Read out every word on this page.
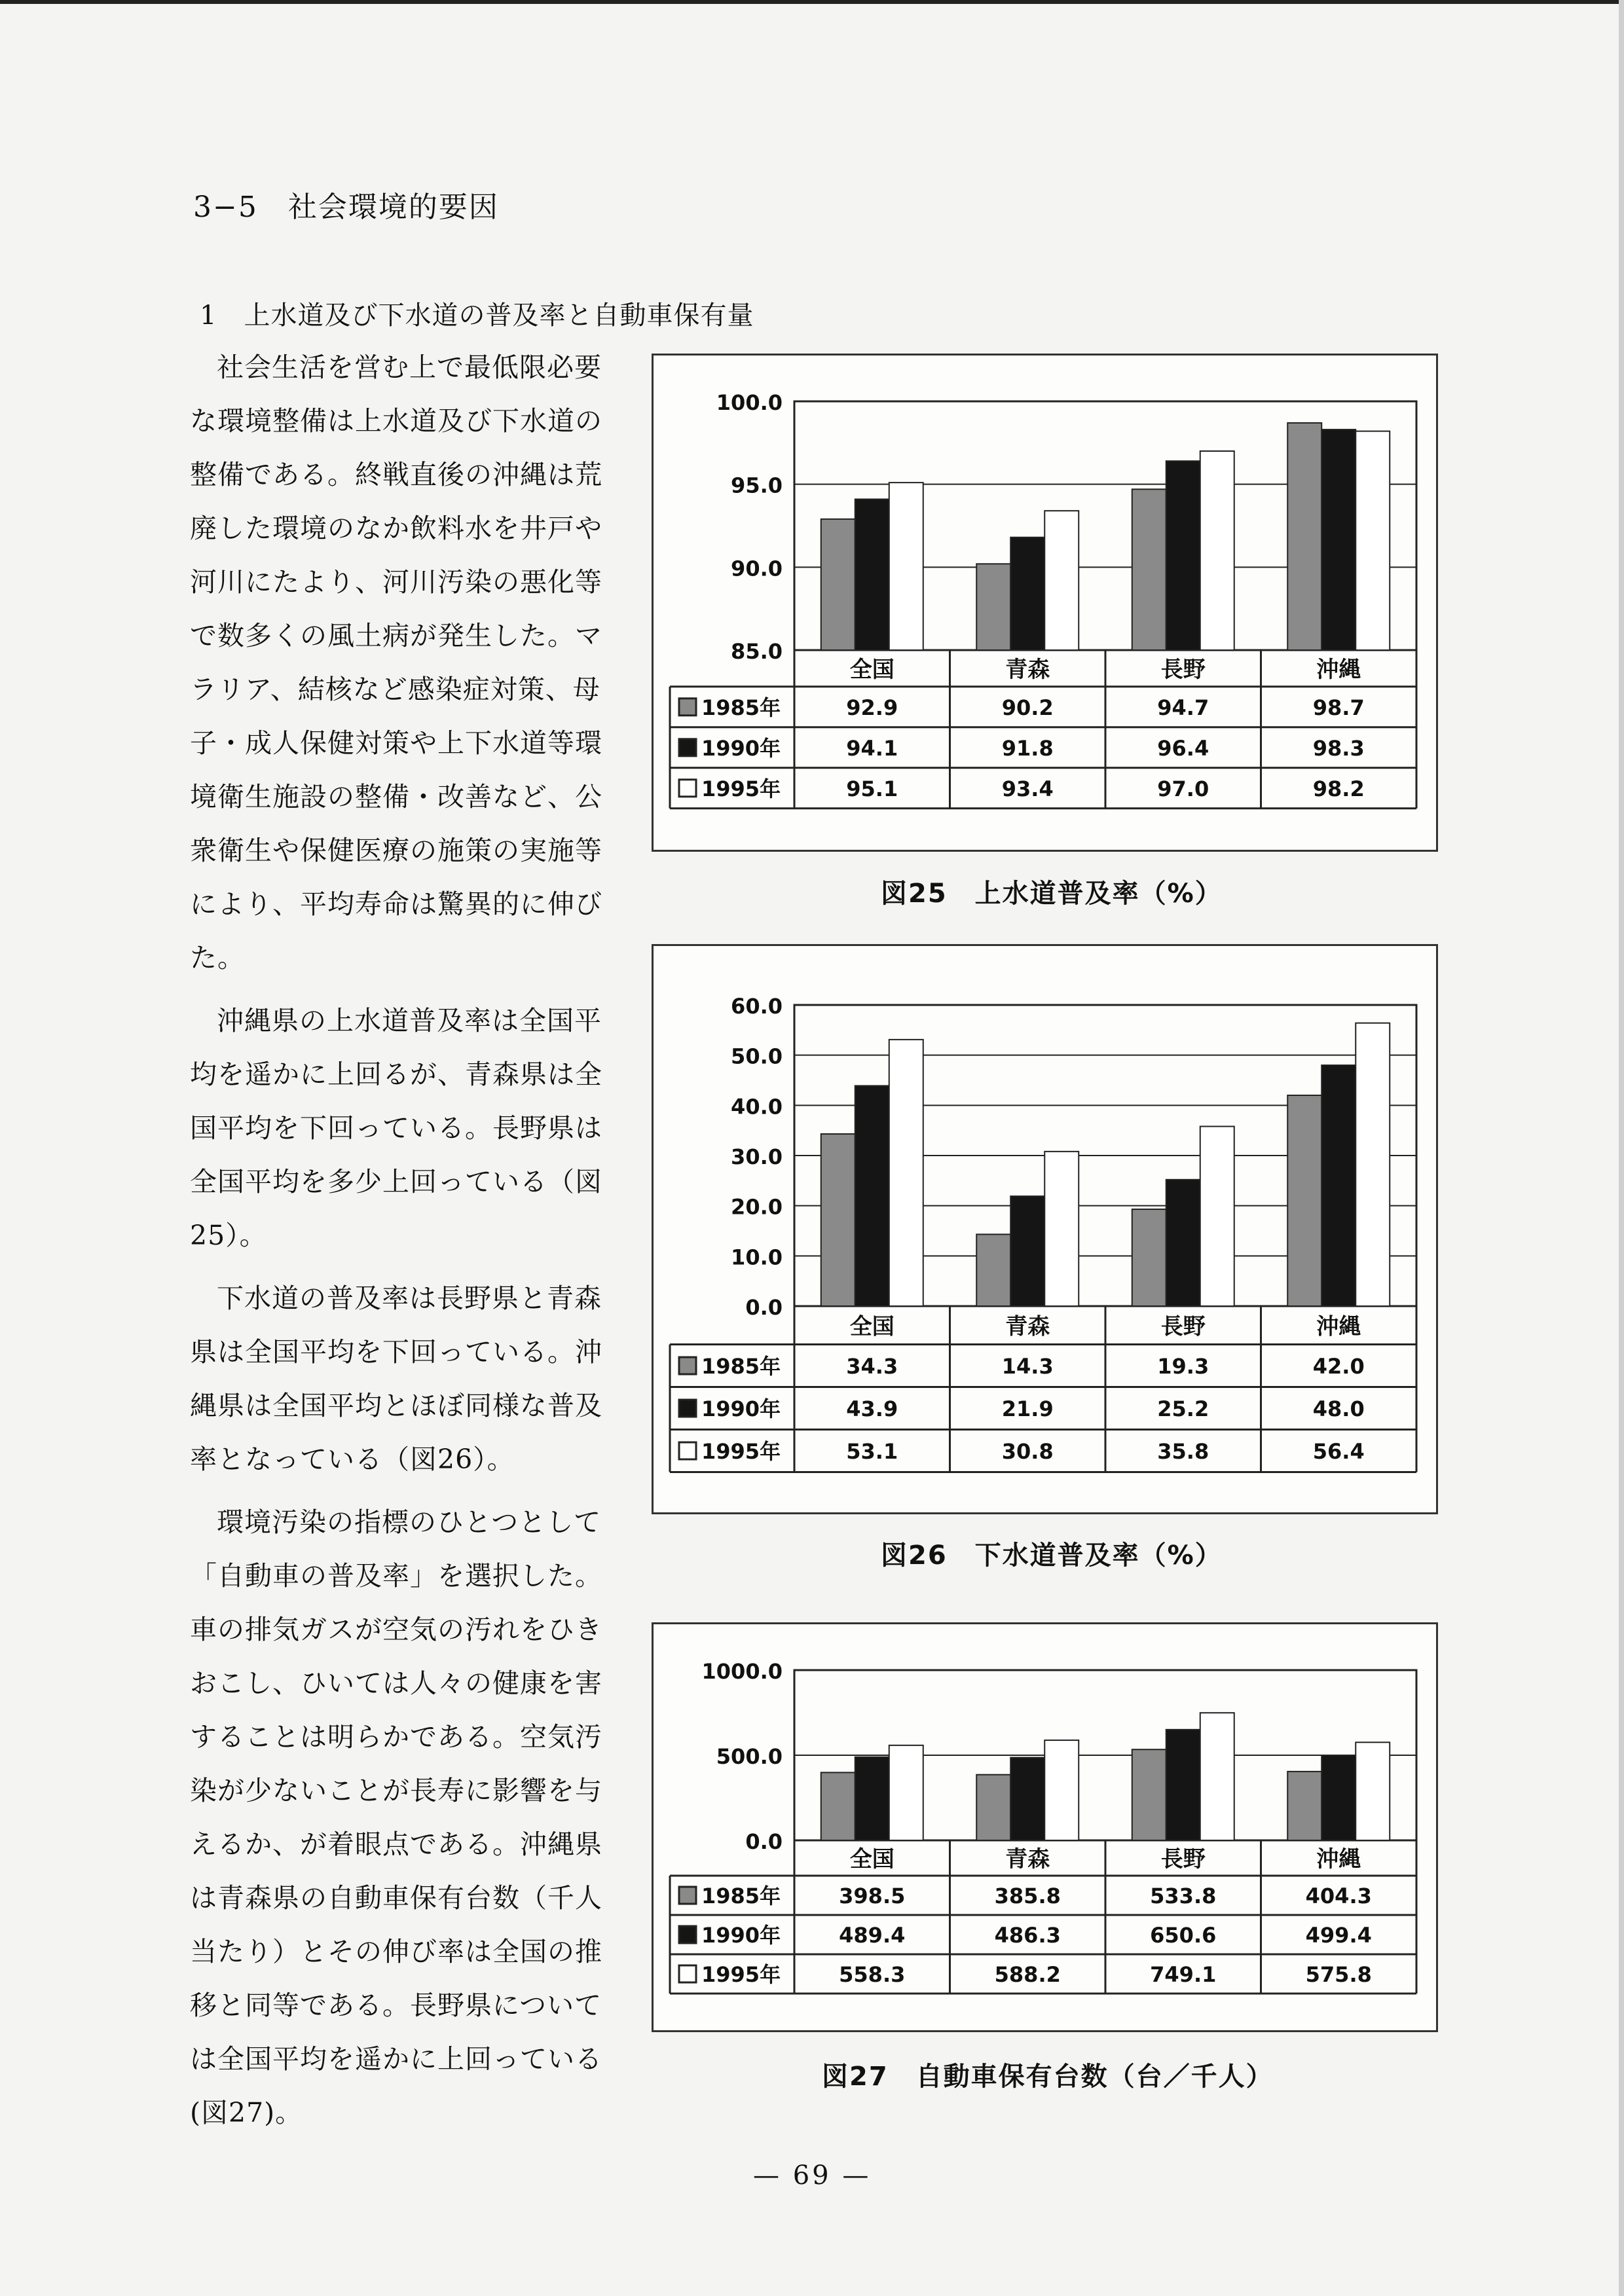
3−5　社会環境的要因
1　上水道及び下水道の普及率と自動車保有量

社会生活を営む上で最低限必要な環境整備は上水道及び下水道の整備である。終戦直後の沖縄は荒廃した環境のなか飲料水を井戸や河川にたより、河川汚染の悪化等で数多くの風土病が発生した。マラリア、結核など感染症対策、母子・成人保健対策や上下水道等環境衛生施設の整備・改善など、公衆衛生や保健医療の施策の実施等により、平均寿命は驚異的に伸びた。

沖縄県の上水道普及率は全国平均を遥かに上回るが、青森県は全国平均を下回っている。長野県は全国平均を多少上回っている（図25）。

下水道の普及率は長野県と青森県は全国平均を下回っている。沖縄県は全国平均とほぼ同様な普及率となっている（図26）。

環境汚染の指標のひとつとして「自動車の普及率」を選択した。車の排気ガスが空気の汚れをひきおこし、ひいては人々の健康を害することは明らかである。空気汚染が少ないことが長寿に影響を与えるか、が着眼点である。沖縄県は青森県の自動車保有台数（千人当たり）とその伸び率は全国の推移と同等である。長野県については全国平均を遥かに上回っている(図27)。

100.0
95.0
90.0
85.0
全国	青森	長野	沖縄
1985年	92.9	90.2	94.7	98.7
1990年	94.1	91.8	96.4	98.3
1995年	95.1	93.4	97.0	98.2
図25　上水道普及率（%）
60.0
50.0
40.0
30.0
20.0
10.0
0.0
全国	青森	長野	沖縄
1985年	34.3	14.3	19.3	42.0
1990年	43.9	21.9	25.2	48.0
1995年	53.1	30.8	35.8	56.4
図26　下水道普及率（%）
1000.0
500.0
0.0
全国	青森	長野	沖縄
1985年	398.5	385.8	533.8	404.3
1990年	489.4	486.3	650.6	499.4
1995年	558.3	588.2	749.1	575.8
図27　自動車保有台数（台／千人）
— 69 —
